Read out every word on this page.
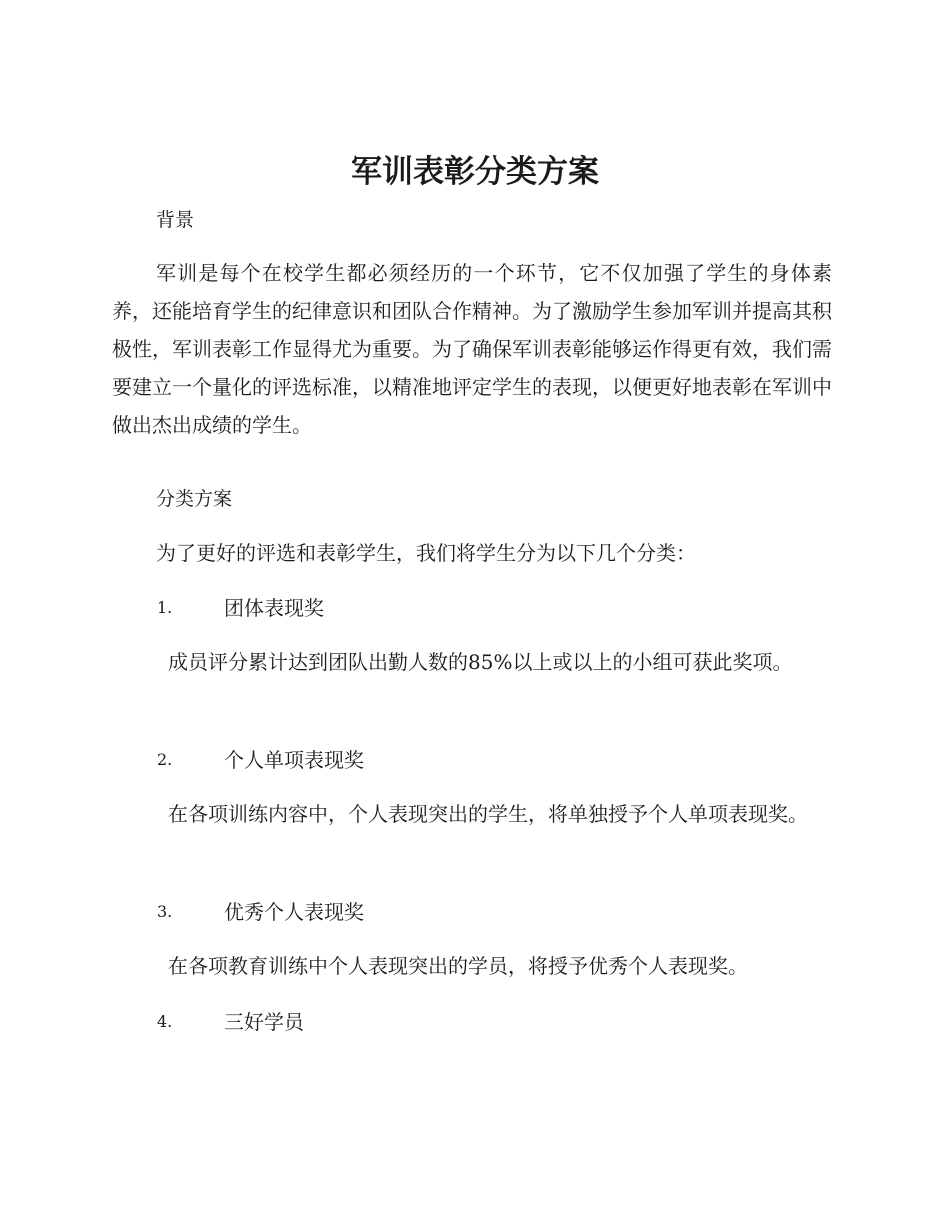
军训表彰分类方案
背景

军训是每个在校学生都必须经历的一个环节，它不仅加强了学生的身体素养，还能培育学生的纪律意识和团队合作精神。为了激励学生参加军训并提高其积极性，军训表彰工作显得尤为重要。为了确保军训表彰能够运作得更有效，我们需要建立一个量化的评选标准，以精准地评定学生的表现，以便更好地表彰在军训中做出杰出成绩的学生。

分类方案

为了更好的评选和表彰学生，我们将学生分为以下几个分类：

1.	团体表现奖

成员评分累计达到团队出勤人数的85%以上或以上的小组可获此奖项。

2.	个人单项表现奖

在各项训练内容中，个人表现突出的学生，将单独授予个人单项表现奖。

3.	优秀个人表现奖

在各项教育训练中个人表现突出的学员，将授予优秀个人表现奖。

4.	三好学员
